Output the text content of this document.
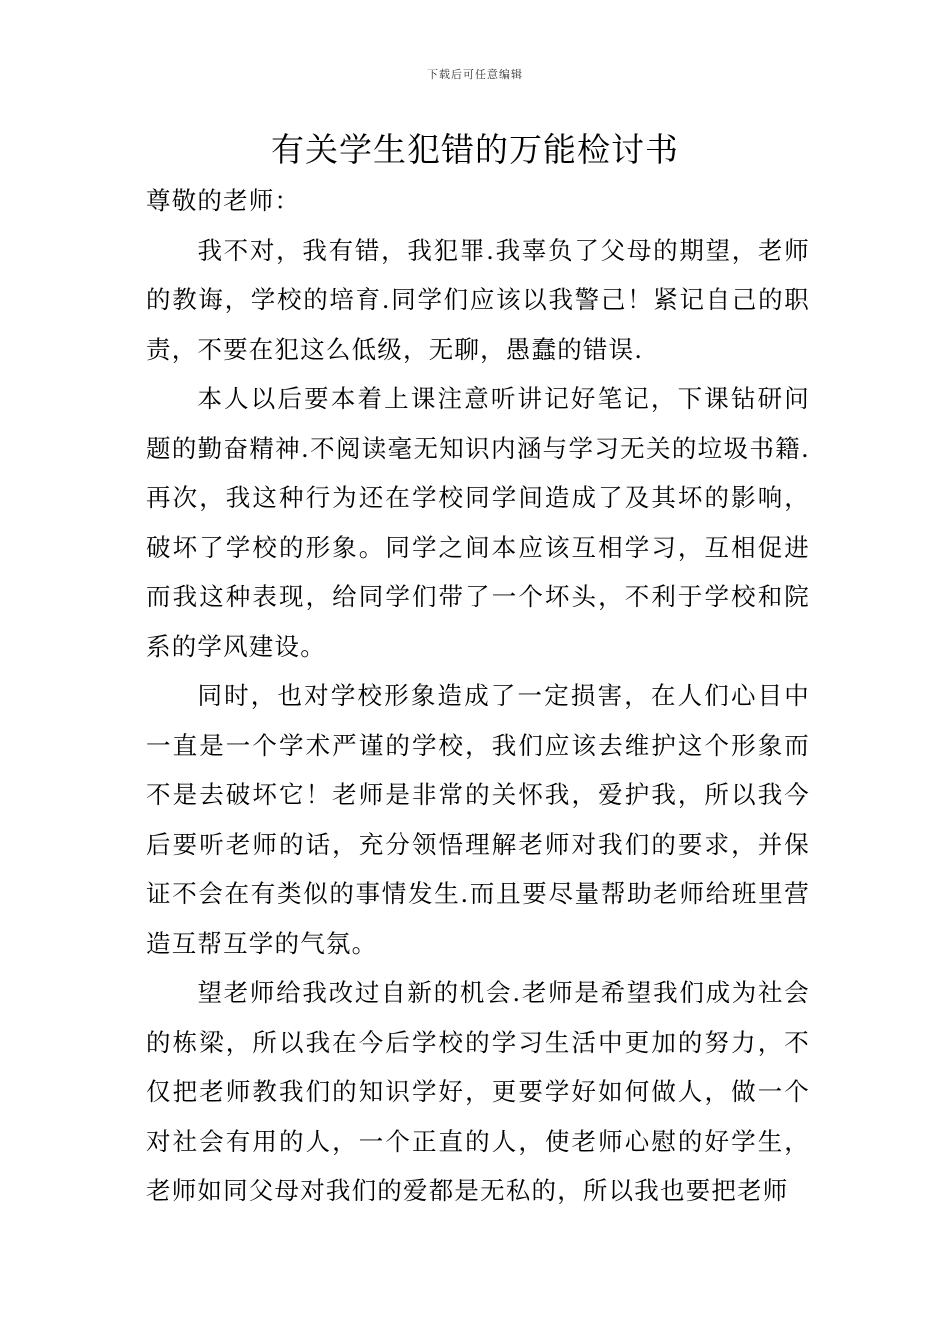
下载后可任意编辑
有关学生犯错的万能检讨书

尊敬的老师：

我不对，我有错，我犯罪.我辜负了父母的期望，老师的教诲，学校的培育.同学们应该以我警己！紧记自己的职责，不要在犯这么低级，无聊，愚蠢的错误.

本人以后要本着上课注意听讲记好笔记，下课钻研问题的勤奋精神.不阅读毫无知识内涵与学习无关的垃圾书籍.再次，我这种行为还在学校同学间造成了及其坏的影响，破坏了学校的形象。同学之间本应该互相学习，互相促进而我这种表现，给同学们带了一个坏头，不利于学校和院系的学风建设。

同时，也对学校形象造成了一定损害，在人们心目中一直是一个学术严谨的学校，我们应该去维护这个形象而不是去破坏它！老师是非常的关怀我，爱护我，所以我今后要听老师的话，充分领悟理解老师对我们的要求，并保证不会在有类似的事情发生.而且要尽量帮助老师给班里营造互帮互学的气氛。

望老师给我改过自新的机会.老师是希望我们成为社会的栋梁，所以我在今后学校的学习生活中更加的努力，不仅把老师教我们的知识学好，更要学好如何做人，做一个对社会有用的人，一个正直的人，使老师心慰的好学生，老师如同父母对我们的爱都是无私的，所以我也要把老师
